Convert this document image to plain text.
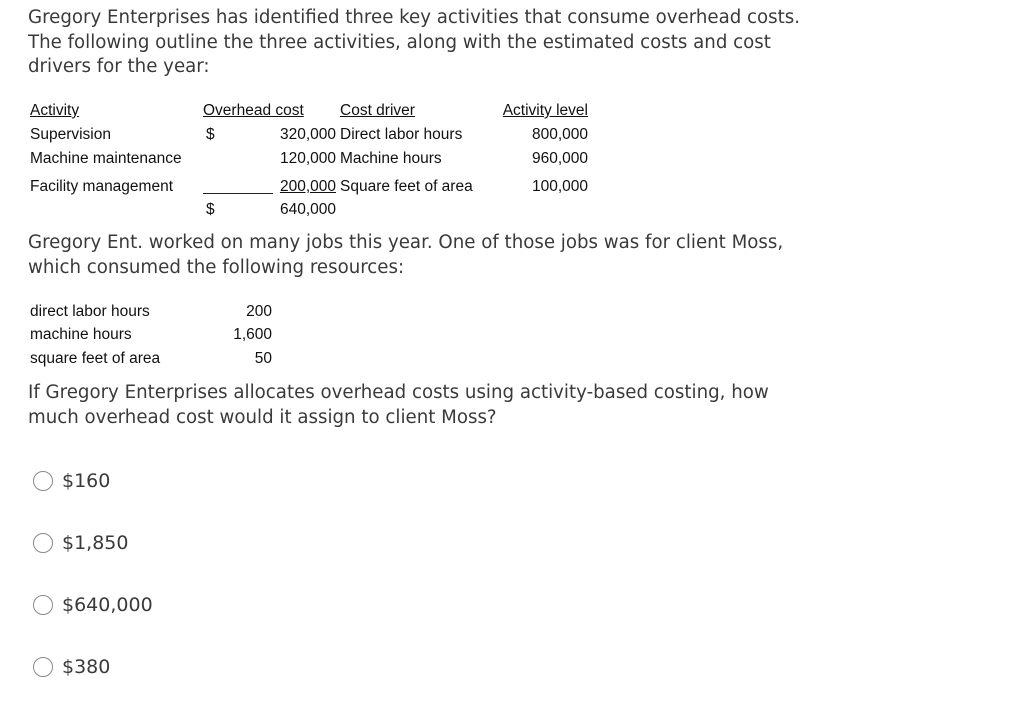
Gregory Enterprises has identified three key activities that consume overhead costs. The following outline the three activities, along with the estimated costs and cost drivers for the year:

Activity	Overhead cost Cost driver	Activity level
Supervision	$	320,000 Direct labor hours	800,000
Machine maintenance	120,000 Machine hours	960,000
Facility management	200,000 Square feet of area	100,000
$	640,000

Gregory Ent. worked on many jobs this year. One of those jobs was for client Moss, which consumed the following resources:

direct labor hours	200
machine hours	1,600
square feet of area	50

If Gregory Enterprises allocates overhead costs using activity-based costing, how much overhead cost would it assign to client Moss?

$160
$1,850
$640,000
$380
